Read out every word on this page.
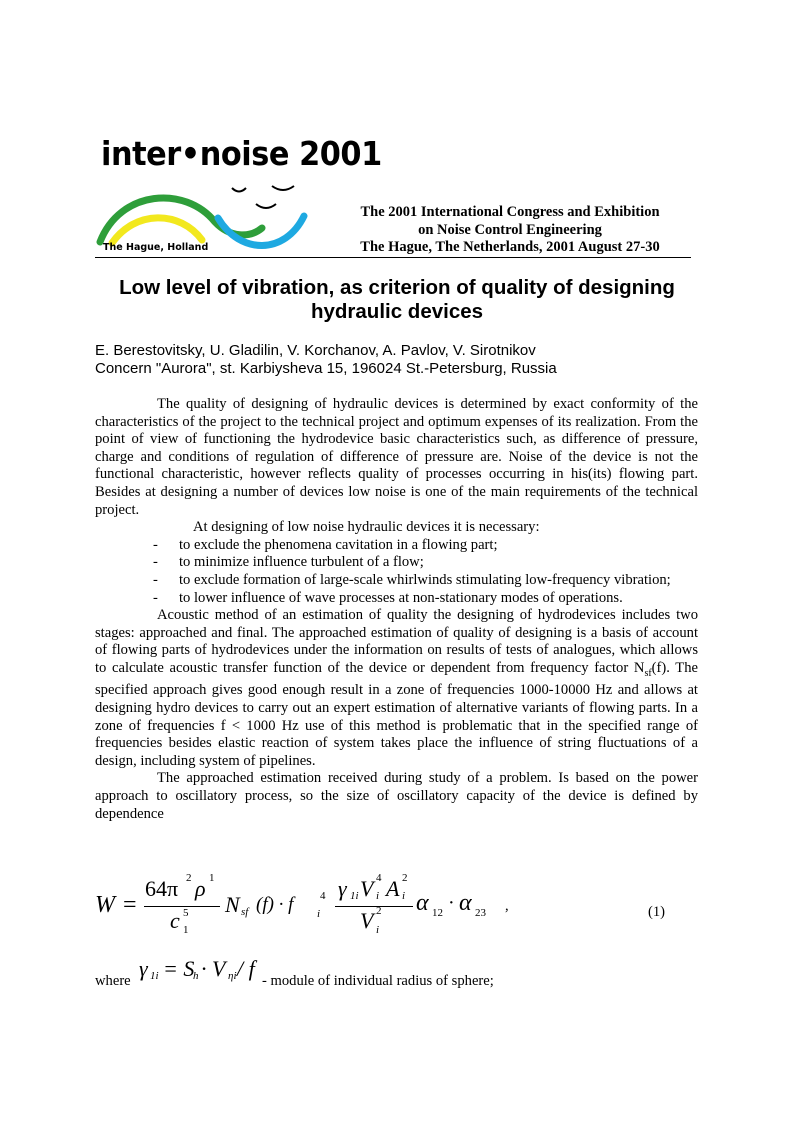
inter•noise 2001
The Hague, Holland
The 2001 International Congress and Exhibition
on Noise Control Engineering
The Hague, The Netherlands, 2001 August 27-30
Low level of vibration, as criterion of quality of designing hydraulic devices
E. Berestovitsky, U. Gladilin, V. Korchanov, A. Pavlov, V. Sirotnikov
Concern "Aurora", st. Karbiysheva 15, 196024 St.-Petersburg, Russia

The quality of designing of hydraulic devices is determined by exact conformity of the characteristics of the project to the technical project and optimum expenses of its realization. From the point of view of functioning the hydrodevice basic characteristics such, as difference of pressure, charge and conditions of regulation of difference of pressure are. Noise of the device is not the functional characteristic, however reflects quality of processes occurring in his(its) flowing part. Besides at designing a number of devices low noise is one of the main requirements of the technical project.

At designing of low noise hydraulic devices it is necessary:

- to exclude the phenomena cavitation in a flowing part;

- to minimize influence turbulent of a flow;

- to exclude formation of large-scale whirlwinds stimulating low-frequency vibration;

- to lower influence of wave processes at non-stationary modes of operations.

Acoustic method of an estimation of quality the designing of hydrodevices includes two stages: approached and final. The approached estimation of quality of designing is a basis of account of flowing parts of hydrodevices under the information on results of tests of analogues, which allows to calculate acoustic transfer function of the device or dependent from frequency factor $N_{sf}(f)$. The specified approach gives good enough result in a zone of frequencies 1000-10000 Hz and allows at designing hydro devices to carry out an expert estimation of alternative variants of flowing parts. In a zone of frequencies f < 1000 Hz use of this method is problematic that in the specified range of frequencies besides elastic reaction of system takes place the influence of string fluctuations of a design, including system of pipelines.

The approached estimation received during study of a problem. Is based on the power approach to oscillatory process, so the size of oscillatory capacity of the device is defined by dependence

W =
64π 2 ρ 1
c 5
1
N sf (f) · f 4
i
γ 1i V 4
i A 2
i
V 2
i
α 12 · α 23 ,	(1)
where γ 1i = S
h · V ηi / f - module of individual radius of sphere;
